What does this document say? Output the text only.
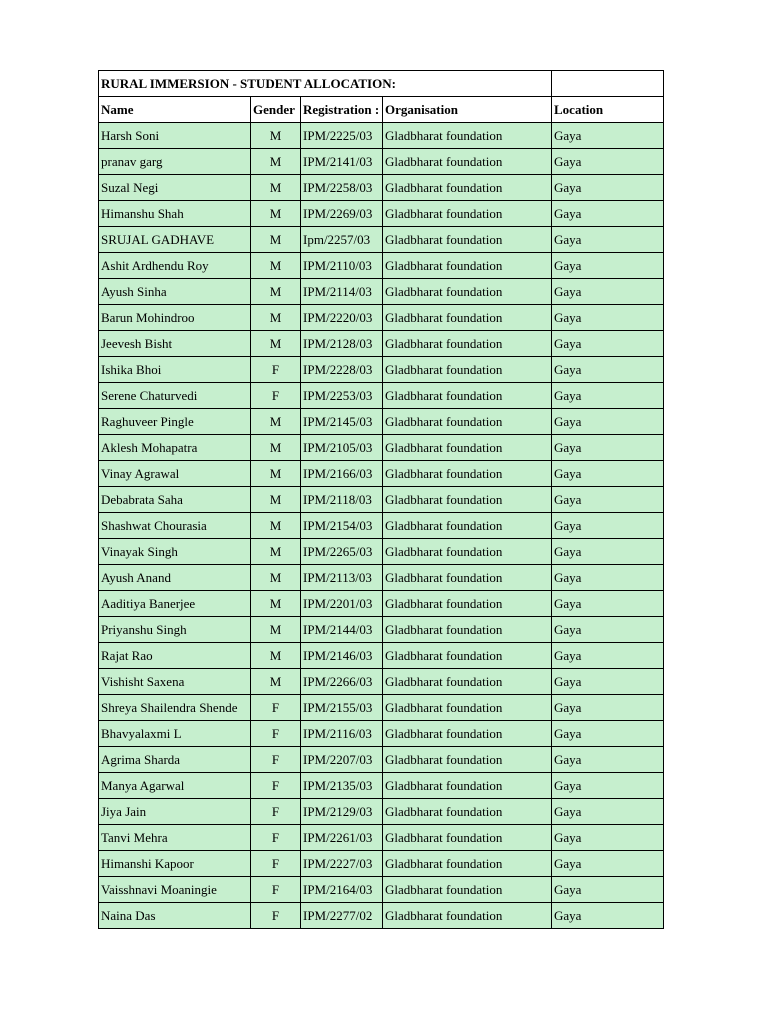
RURAL IMMERSION - STUDENT ALLOCATION:				
Name	Gender	Registration :	Organisation	Location
Harsh Soni	M	IPM/2225/03	Gladbharat foundation	Gaya
pranav garg	M	IPM/2141/03	Gladbharat foundation	Gaya
Suzal Negi	M	IPM/2258/03	Gladbharat foundation	Gaya
Himanshu Shah	M	IPM/2269/03	Gladbharat foundation	Gaya
SRUJAL GADHAVE	M	Ipm/2257/03	Gladbharat foundation	Gaya
Ashit Ardhendu Roy	M	IPM/2110/03	Gladbharat foundation	Gaya
Ayush Sinha	M	IPM/2114/03	Gladbharat foundation	Gaya
Barun Mohindroo	M	IPM/2220/03	Gladbharat foundation	Gaya
Jeevesh Bisht	M	IPM/2128/03	Gladbharat foundation	Gaya
Ishika Bhoi	F	IPM/2228/03	Gladbharat foundation	Gaya
Serene Chaturvedi	F	IPM/2253/03	Gladbharat foundation	Gaya
Raghuveer Pingle	M	IPM/2145/03	Gladbharat foundation	Gaya
Aklesh Mohapatra	M	IPM/2105/03	Gladbharat foundation	Gaya
Vinay Agrawal	M	IPM/2166/03	Gladbharat foundation	Gaya
Debabrata Saha	M	IPM/2118/03	Gladbharat foundation	Gaya
Shashwat Chourasia	M	IPM/2154/03	Gladbharat foundation	Gaya
Vinayak Singh	M	IPM/2265/03	Gladbharat foundation	Gaya
Ayush Anand	M	IPM/2113/03	Gladbharat foundation	Gaya
Aaditiya Banerjee	M	IPM/2201/03	Gladbharat foundation	Gaya
Priyanshu Singh	M	IPM/2144/03	Gladbharat foundation	Gaya
Rajat Rao	M	IPM/2146/03	Gladbharat foundation	Gaya
Vishisht Saxena	M	IPM/2266/03	Gladbharat foundation	Gaya
Shreya Shailendra Shende	F	IPM/2155/03	Gladbharat foundation	Gaya
Bhavyalaxmi L	F	IPM/2116/03	Gladbharat foundation	Gaya
Agrima Sharda	F	IPM/2207/03	Gladbharat foundation	Gaya
Manya Agarwal	F	IPM/2135/03	Gladbharat foundation	Gaya
Jiya Jain	F	IPM/2129/03	Gladbharat foundation	Gaya
Tanvi Mehra	F	IPM/2261/03	Gladbharat foundation	Gaya
Himanshi Kapoor	F	IPM/2227/03	Gladbharat foundation	Gaya
Vaisshnavi Moaningie	F	IPM/2164/03	Gladbharat foundation	Gaya
Naina Das	F	IPM/2277/02	Gladbharat foundation	Gaya
